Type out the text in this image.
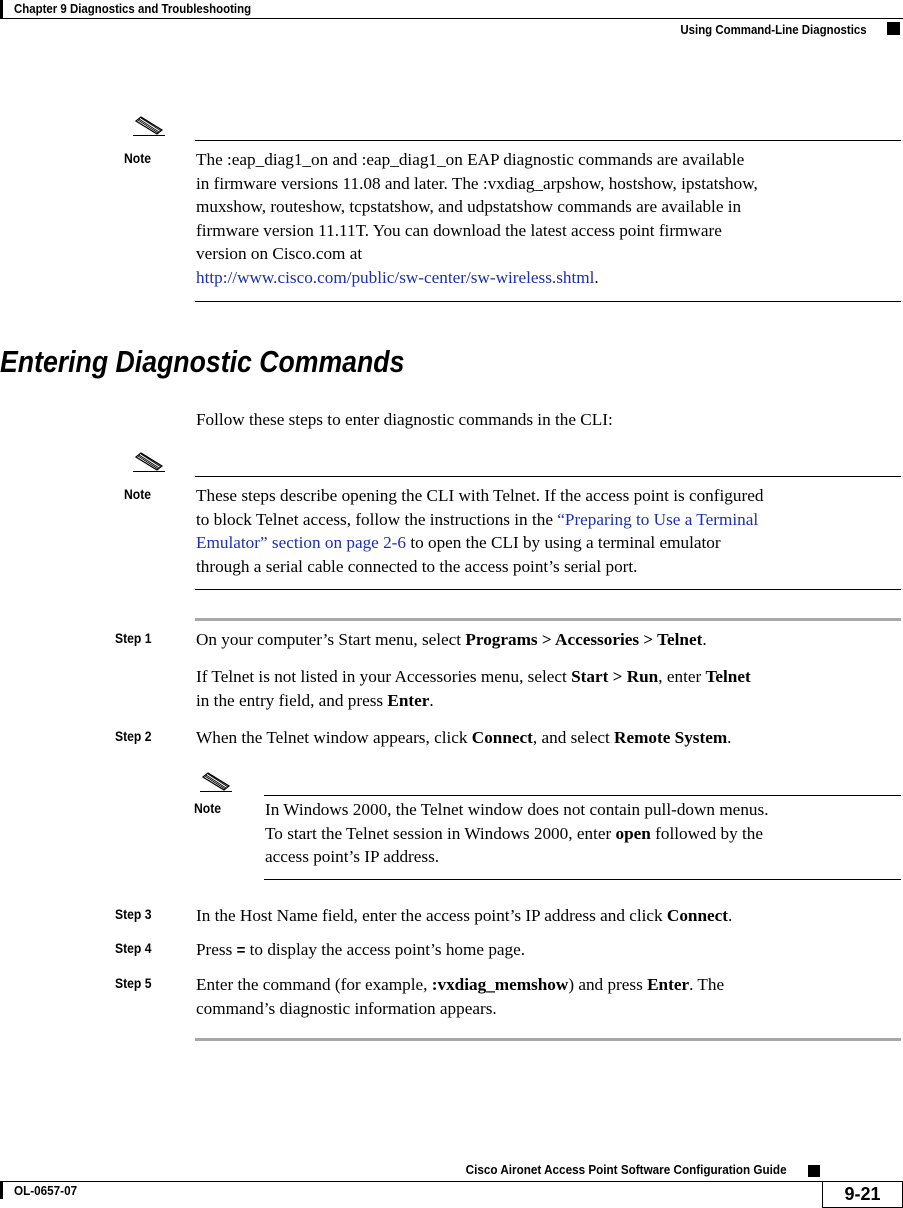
Chapter 9 Diagnostics and Troubleshooting
Using Command-Line Diagnostics
Note	The :eap_diag1_on and :eap_diag1_on EAP diagnostic commands are available
in firmware versions 11.08 and later. The :vxdiag_arpshow, hostshow, ipstatshow,
muxshow, routeshow, tcpstatshow, and udpstatshow commands are available in
firmware version 11.11T. You can download the latest access point firmware
version on Cisco.com at
http://www.cisco.com/public/sw-center/sw-wireless.shtml.
Entering Diagnostic Commands
Follow these steps to enter diagnostic commands in the CLI:
Note	These steps describe opening the CLI with Telnet. If the access point is configured
to block Telnet access, follow the instructions in the “Preparing to Use a Terminal
Emulator” section on page 2-6 to open the CLI by using a terminal emulator
through a serial cable connected to the access point’s serial port.
Step 1	On your computer’s Start menu, select Programs > Accessories > Telnet.
If Telnet is not listed in your Accessories menu, select Start > Run, enter Telnet
in the entry field, and press Enter.
Step 2	When the Telnet window appears, click Connect, and select Remote System.
Note	In Windows 2000, the Telnet window does not contain pull-down menus.
To start the Telnet session in Windows 2000, enter open followed by the
access point’s IP address.
Step 3	In the Host Name field, enter the access point’s IP address and click Connect.
Step 4	Press = to display the access point’s home page.
Step 5	Enter the command (for example, :vxdiag_memshow) and press Enter. The
command’s diagnostic information appears.
Cisco Aironet Access Point Software Configuration Guide
OL-0657-07	9-21
